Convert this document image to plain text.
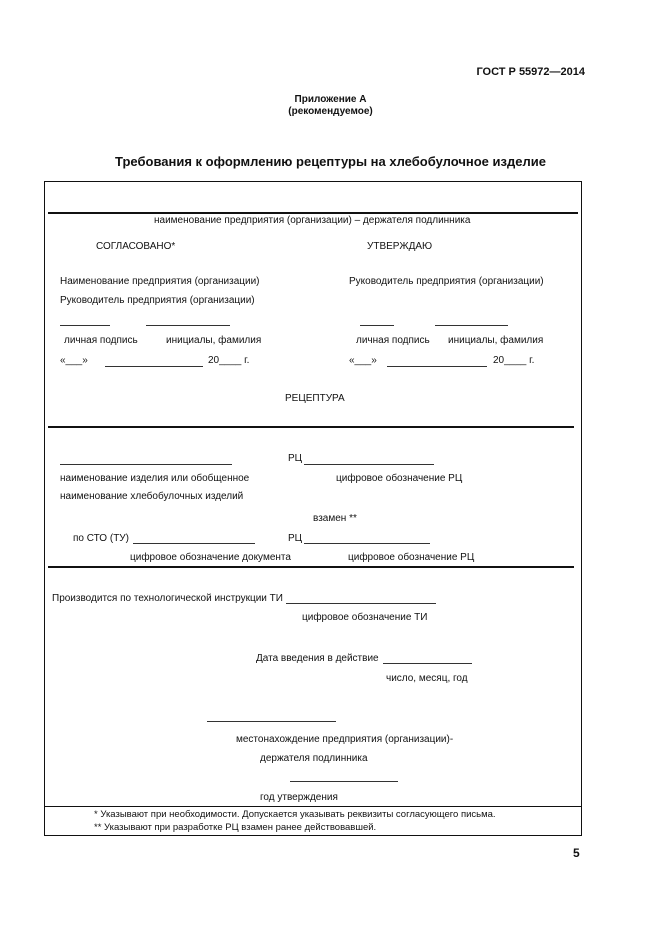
ГОСТ Р 55972—2014
Приложение А
(рекомендуемое)
Требования к оформлению рецептуры на хлебобулочное изделие
наименование предприятия (организации) – держателя подлинника
СОГЛАСОВАНО*	УТВЕРЖДАЮ
Наименование предприятия (организации)	Руководитель предприятия (организации)
Руководитель предприятия (организации)
личная подпись	инициалы, фамилия	личная подпись инициалы, фамилия
«___»	20____ г.	«___»	20____ г.
РЕЦЕПТУРА
РЦ
наименование изделия или обобщенное	цифровое обозначение РЦ
наименование хлебобулочных изделий
взамен **
по СТО (ТУ)	РЦ
цифровое обозначение документа	цифровое обозначение РЦ
Производится по технологической инструкции ТИ
цифровое обозначение ТИ
Дата введения в действие
число, месяц, год
местонахождение предприятия (организации)-
держателя подлинника
год утверждения
* Указывают при необходимости. Допускается указывать реквизиты согласующего письма.
** Указывают при разработке РЦ взамен ранее действовавшей.
5
